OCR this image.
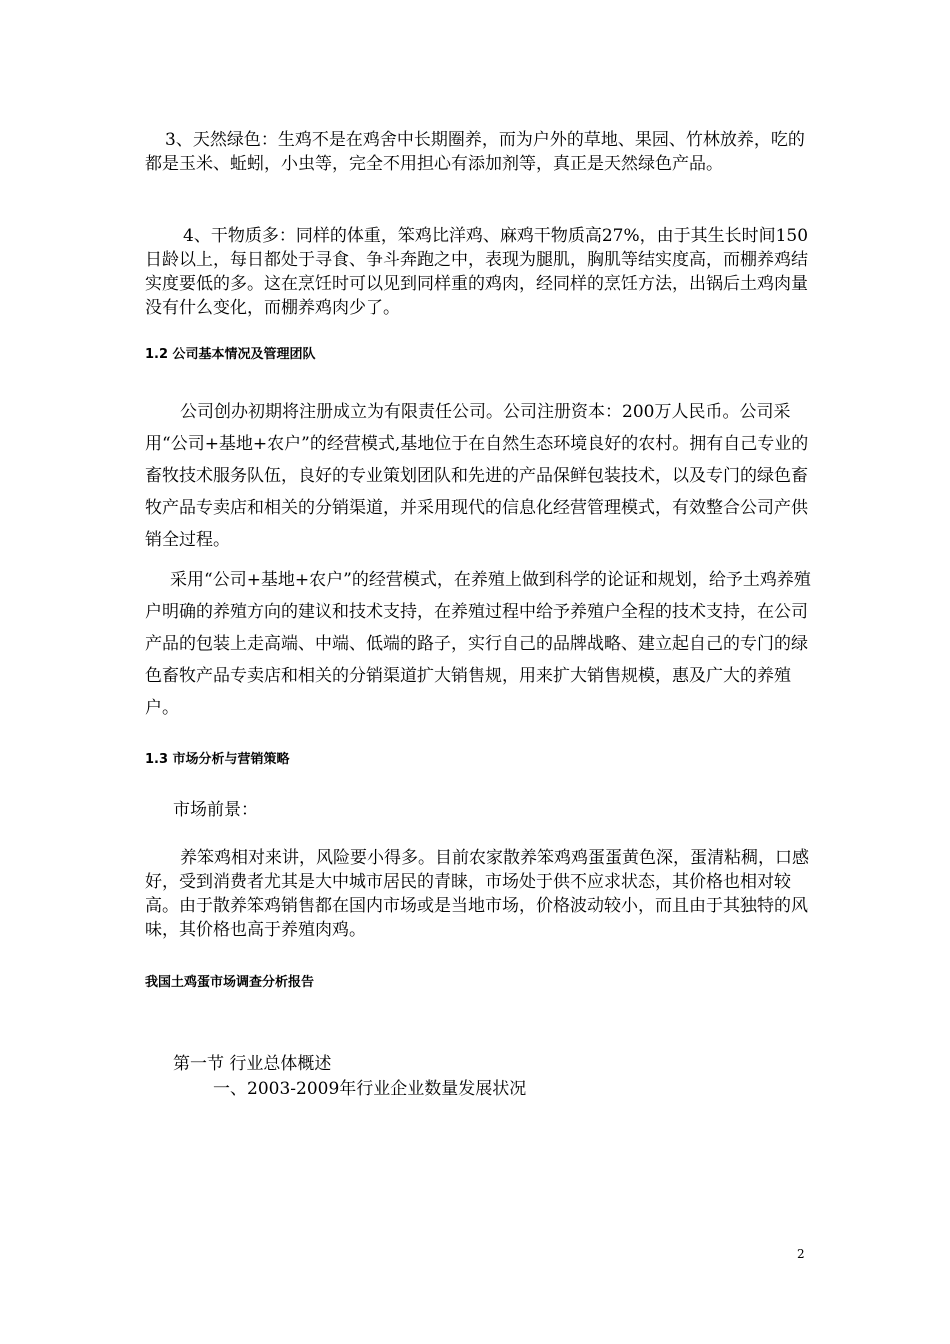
3、天然绿色：生鸡不是在鸡舍中长期圈养，而为户外的草地、果园、竹林放养，吃的都是玉米、蚯蚓，小虫等，完全不用担心有添加剂等，真正是天然绿色产品。

4、干物质多：同样的体重，笨鸡比洋鸡、麻鸡干物质高27%，由于其生长时间150日龄以上，每日都处于寻食、争斗奔跑之中，表现为腿肌，胸肌等结实度高，而棚养鸡结实度要低的多。这在烹饪时可以见到同样重的鸡肉，经同样的烹饪方法，出锅后土鸡肉量没有什么变化，而棚养鸡肉少了。

1.2 公司基本情况及管理团队

公司创办初期将注册成立为有限责任公司。公司注册资本：200万人民币。公司采用“公司+基地+农户”的经营模式,基地位于在自然生态环境良好的农村。拥有自己专业的畜牧技术服务队伍，良好的专业策划团队和先进的产品保鲜包装技术，以及专门的绿色畜牧产品专卖店和相关的分销渠道，并采用现代的信息化经营管理模式，有效整合公司产供销全过程。

采用“公司+基地+农户”的经营模式，在养殖上做到科学的论证和规划，给予土鸡养殖户明确的养殖方向的建议和技术支持，在养殖过程中给予养殖户全程的技术支持，在公司产品的包装上走高端、中端、低端的路子，实行自己的品牌战略、建立起自己的专门的绿色畜牧产品专卖店和相关的分销渠道扩大销售规，用来扩大销售规模，惠及广大的养殖户。

1.3 市场分析与营销策略

市场前景：

养笨鸡相对来讲，风险要小得多。目前农家散养笨鸡鸡蛋蛋黄色深，蛋清粘稠，口感好，受到消费者尤其是大中城市居民的青睐，市场处于供不应求状态，其价格也相对较高。由于散养笨鸡销售都在国内市场或是当地市场，价格波动较小，而且由于其独特的风味，其价格也高于养殖肉鸡。

我国土鸡蛋市场调查分析报告

第一节 行业总体概述

一、2003-2009年行业企业数量发展状况

2
